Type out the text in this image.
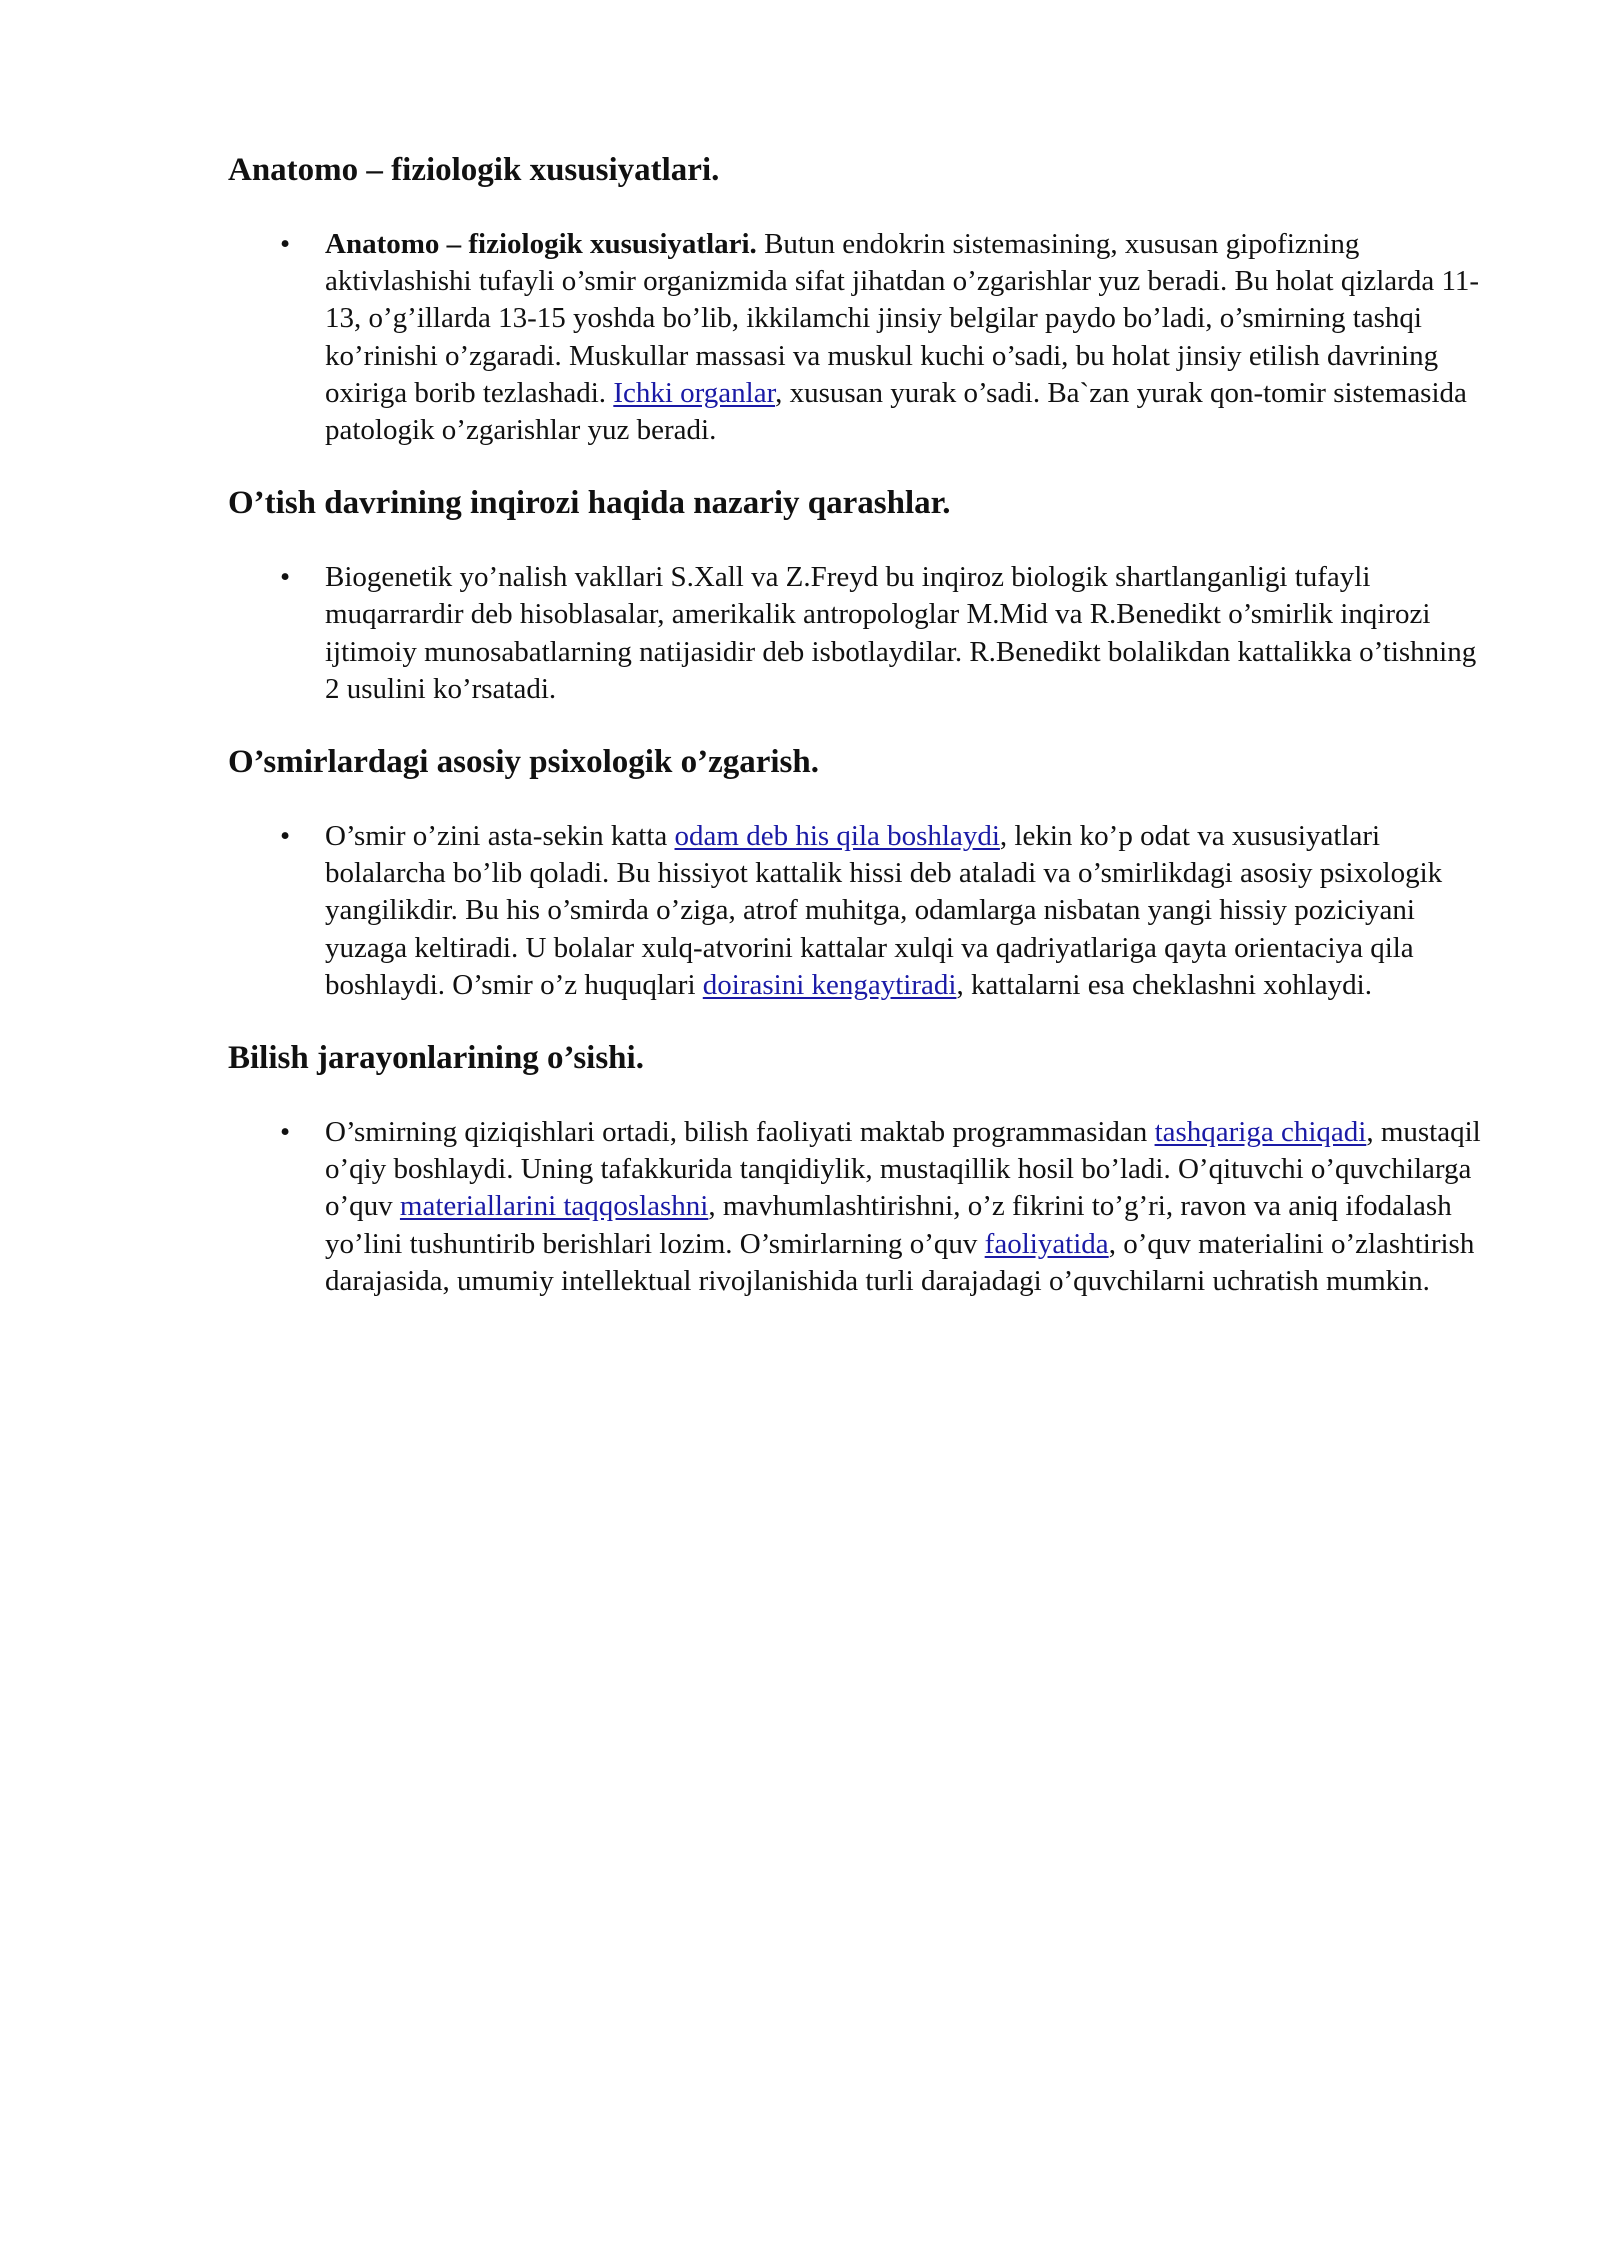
Anatomo – fiziologik xususiyatlari.
• Anatomo – fiziologik xususiyatlari. Butun endokrin sistemasining, xususan gipofizning aktivlashishi tufayli o’smir organizmida sifat jihatdan o’zgarishlar yuz beradi. Bu holat qizlarda 11-13, o’g’illarda 13-15 yoshda bo’lib, ikkilamchi jinsiy belgilar paydo bo’ladi, o’smirning tashqi ko’rinishi o’zgaradi. Muskullar massasi va muskul kuchi o’sadi, bu holat jinsiy etilish davrining oxiriga borib tezlashadi. Ichki organlar, xususan yurak o’sadi. Ba`zan yurak qon-tomir sistemasida patologik o’zgarishlar yuz beradi.
O’tish davrining inqirozi haqida nazariy qarashlar.
• Biogenetik yo’nalish vakllari S.Xall va Z.Freyd bu inqiroz biologik shartlanganligi tufayli muqarrardir deb hisoblasalar, amerikalik antropologlar M.Mid va R.Benedikt o’smirlik inqirozi ijtimoiy munosabatlarning natijasidir deb isbotlaydilar. R.Benedikt bolalikdan kattalikka o’tishning 2 usulini ko’rsatadi.
O’smirlardagi asosiy psixologik o’zgarish.
• O’smir o’zini asta-sekin katta odam deb his qila boshlaydi, lekin ko’p odat va xususiyatlari bolalarcha bo’lib qoladi. Bu hissiyot kattalik hissi deb ataladi va o’smirlikdagi asosiy psixologik yangilikdir. Bu his o’smirda o’ziga, atrof muhitga, odamlarga nisbatan yangi hissiy poziciyani yuzaga keltiradi. U bolalar xulq-atvorini kattalar xulqi va qadriyatlariga qayta orientaciya qila boshlaydi. O’smir o’z huquqlari doirasini kengaytiradi, kattalarni esa cheklashni xohlaydi.
Bilish jarayonlarining o’sishi.
• O’smirning qiziqishlari ortadi, bilish faoliyati maktab programmasidan tashqariga chiqadi, mustaqil o’qiy boshlaydi. Uning tafakkurida tanqidiylik, mustaqillik hosil bo’ladi. O’qituvchi o’quvchilarga o’quv materiallarini taqqoslashni, mavhumlashtirishni, o’z fikrini to’g’ri, ravon va aniq ifodalash yo’lini tushuntirib berishlari lozim. O’smirlarning o’quv faoliyatida, o’quv materialini o’zlashtirish darajasida, umumiy intellektual rivojlanishida turli darajadagi o’quvchilarni uchratish mumkin.
